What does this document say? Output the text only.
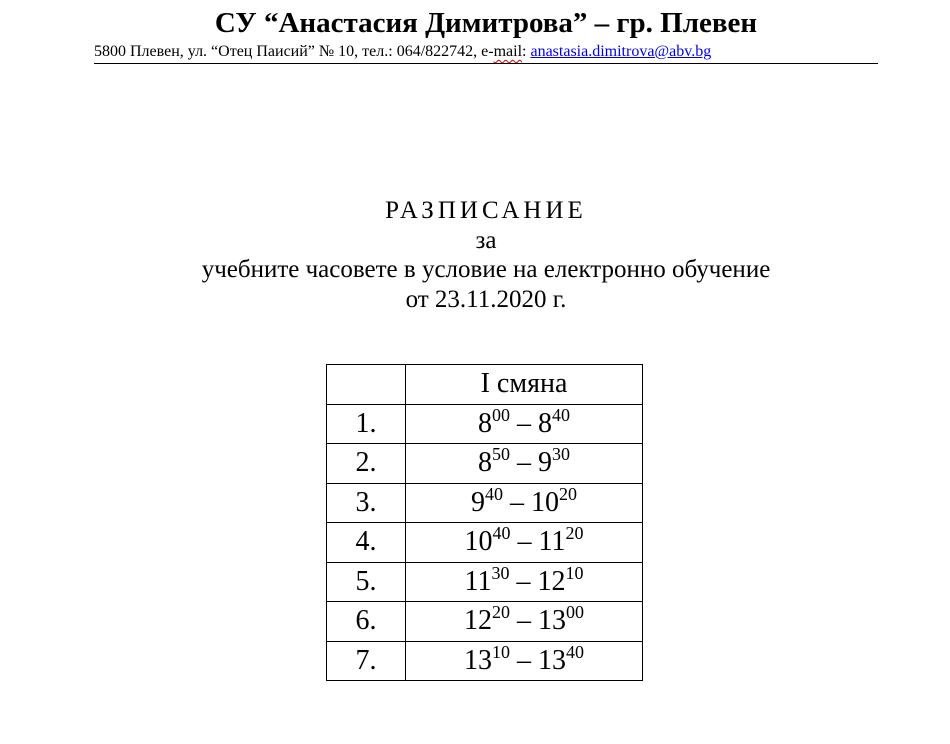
СУ “Анастасия Димитрова” – гр. Плевен
5800 Плевен, ул. “Отец Паисий” № 10, тел.: 064/822742, e-mail: anastasia.dimitrova@abv.bg
РАЗПИСАНИЕ
за
учебните часовете в условие на електронно обучение
от 23.11.2020 г.
	I смяна
1.	$8^{00} - 8^{40}$
2.	$8^{50} - 9^{30}$
3.	$9^{40} - 10^{20}$
4.	$10^{40} - 11^{20}$
5.	$11^{30} - 12^{10}$
6.	$12^{20} - 13^{00}$
7.	$13^{10} - 13^{40}$
